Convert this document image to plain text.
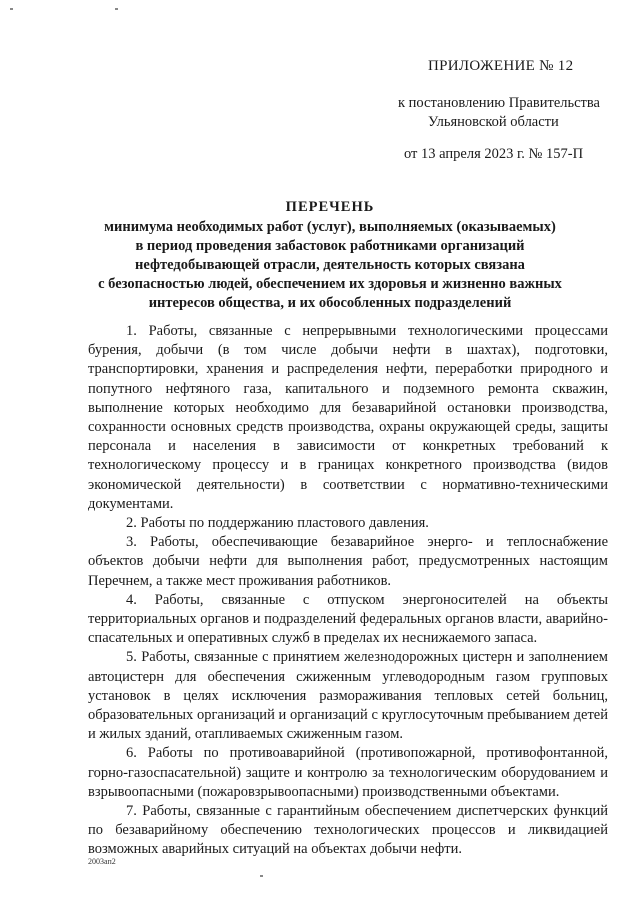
ПРИЛОЖЕНИЕ № 12
к постановлению Правительства
Ульяновской области
от 13 апреля 2023 г. № 157-П
ПЕРЕЧЕНЬ
минимума необходимых работ (услуг), выполняемых (оказываемых)
в период проведения забастовок работниками организаций
нефтедобывающей отрасли, деятельность которых связана
с безопасностью людей, обеспечением их здоровья и жизненно важных
интересов общества, и их обособленных подразделений

1. Работы, связанные с непрерывными технологическими процессами бурения, добычи (в том числе добычи нефти в шахтах), подготовки, транспортировки, хранения и распределения нефти, переработки природного и попутного нефтяного газа, капитального и подземного ремонта скважин, выполнение которых необходимо для безаварийной остановки производства, сохранности основных средств производства, охраны окружающей среды, защиты персонала и населения в зависимости от конкретных требований к технологическому процессу и в границах конкретного производства (видов экономической деятельности) в соответствии с нормативно-техническими документами.

2. Работы по поддержанию пластового давления.

3. Работы, обеспечивающие безаварийное энерго- и теплоснабжение объектов добычи нефти для выполнения работ, предусмотренных настоящим Перечнем, а также мест проживания работников.

4. Работы, связанные с отпуском энергоносителей на объекты территориальных органов и подразделений федеральных органов власти, аварийно-спасательных и оперативных служб в пределах их неснижаемого запаса.

5. Работы, связанные с принятием железнодорожных цистерн и заполнением автоцистерн для обеспечения сжиженным углеводородным газом групповых установок в целях исключения размораживания тепловых сетей больниц, образовательных организаций и организаций с круглосуточным пребыванием детей и жилых зданий, отапливаемых сжиженным газом.

6. Работы по противоаварийной (противопожарной, противофонтанной, горно-газоспасательной) защите и контролю за технологическим оборудованием и взрывоопасными (пожаровзрывоопасными) производственными объектами.

7. Работы, связанные с гарантийным обеспечением диспетчерских функций по безаварийному обеспечению технологических процессов и ликвидацией возможных аварийных ситуаций на объектах добычи нефти.

2003ап2
